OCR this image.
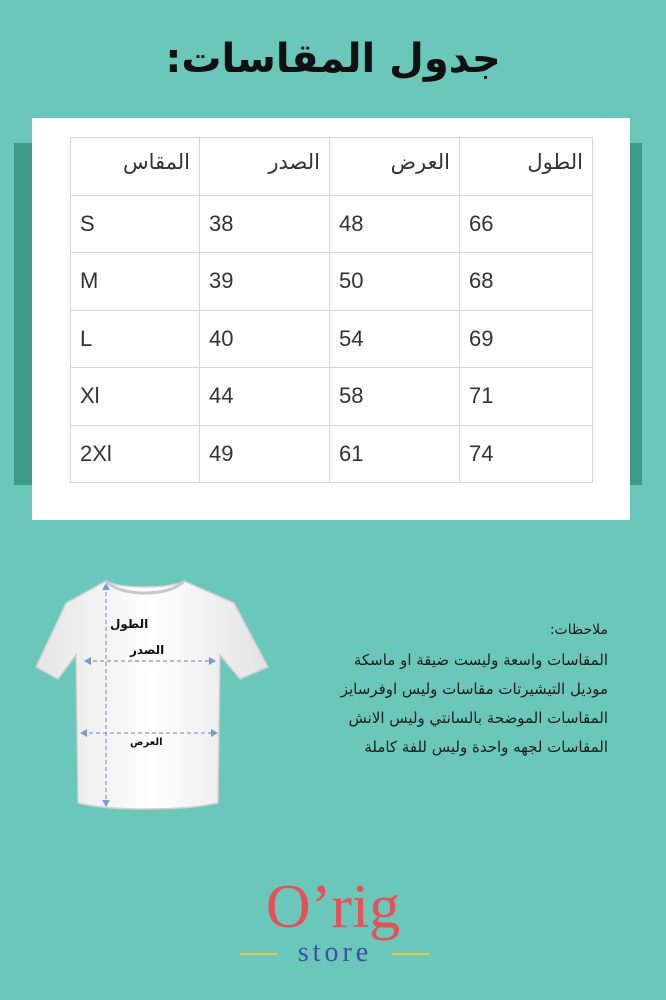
جدول المقاسات:
المقاس	الصدر	العرض	الطول
S	38	48	66
M	39	50	68
L	40	54	69
Xl	44	58	71
2Xl	49	61	74
الطول
الصدر
العرض
ملاحظات:
المقاسات واسعة وليست ضيقة او ماسكة
موديل التيشيرتات مقاسات وليس اوفرسايز
المقاسات الموضحة بالسانتي وليس الانش
المقاسات لجهه واحدة وليس للفة كاملة
O’rig
store
